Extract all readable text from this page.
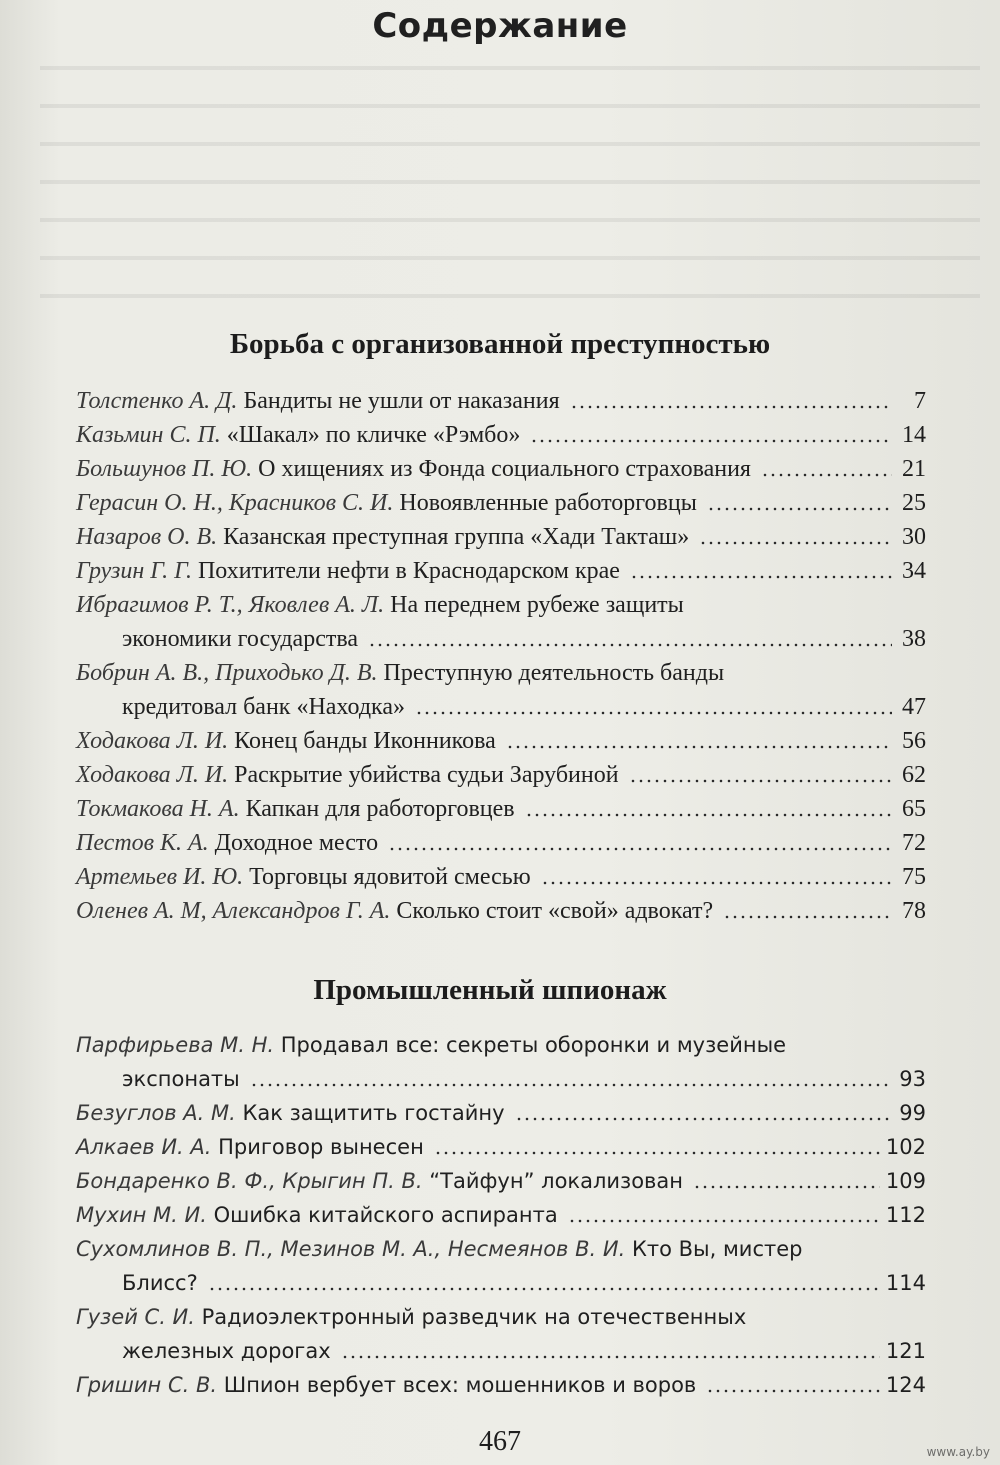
Содержание
Борьба с организованной преступностью
Толстенко А. Д.
Бандиты не ушли от наказания	7
Казьмин С. П.
«Шакал» по кличке «Рэмбо»	14
Большунов П. Ю.
О хищениях из Фонда социального страхования	21
Герасин О. Н., Красников С. И.
Новоявленные работорговцы	25
Назаров О. В.
Казанская преступная группа «Хади Такташ»	30
Грузин Г. Г.
Похитители нефти в Краснодарском крае	34
Ибрагимов Р. Т., Яковлев А. Л.
На переднем рубеже защиты
экономики государства	38
Бобрин А. В., Приходько Д. В.
Преступную деятельность банды
кредитовал банк «Находка»	47
Ходакова Л. И.
Конец банды Иконникова	56
Ходакова Л. И.
Раскрытие убийства судьи Зарубиной	62
Токмакова Н. А.
Капкан для работорговцев	65
Пестов К. А.
Доходное место	72
Артемьев И. Ю.
Торговцы ядовитой смесью	75
Оленев А. М, Александров Г. А.
Сколько стоит «свой» адвокат?	78
Промышленный шпионаж
Парфирьева М. Н.
Продавал все: секреты оборонки и музейные
экспонаты	93
Безуглов А. М.
Как защитить гостайну	99
Алкаев И. А.
Приговор вынесен	102
Бондаренко В. Ф., Крыгин П. В.
“Тайфун” локализован	109
Мухин М. И.
Ошибка китайского аспиранта	112
Сухомлинов В. П., Мезинов М. А., Несмеянов В. И.
Кто Вы, мистер
Блисс?	114
Гузей С. И.
Радиоэлектронный разведчик на отечественных
железных дорогах	121
Гришин С. В.
Шпион вербует всех: мошенников и воров	124
467	www.ay.by
